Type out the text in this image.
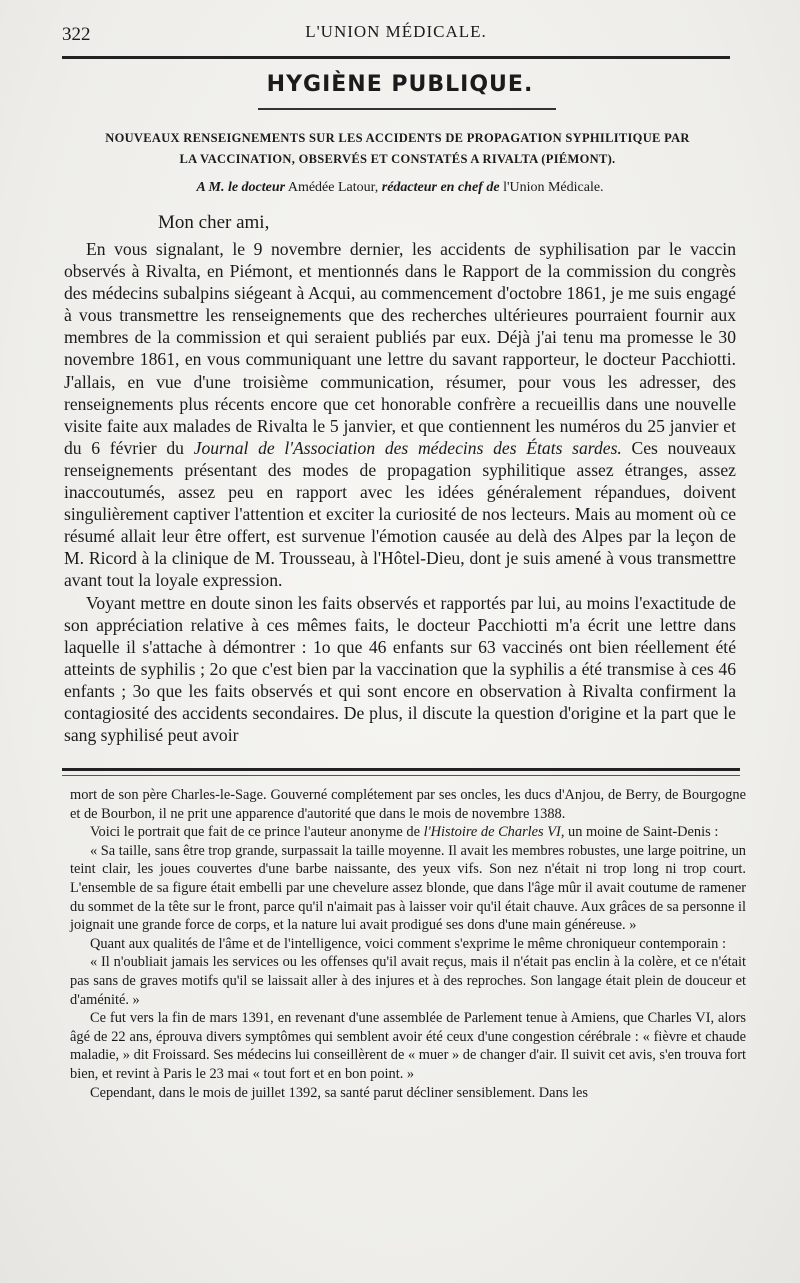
322	L'UNION MÉDICALE.
HYGIÈNE PUBLIQUE.
NOUVEAUX RENSEIGNEMENTS SUR LES ACCIDENTS DE PROPAGATION SYPHILITIQUE PAR
LA VACCINATION, OBSERVÉS ET CONSTATÉS A RIVALTA (PIÉMONT).
A M. le docteur Amédée Latour, rédacteur en chef de l'Union Médicale.
Mon cher ami,

En vous signalant, le 9 novembre dernier, les accidents de syphilisation par le vaccin observés à Rivalta, en Piémont, et mentionnés dans le Rapport de la commission du congrès des médecins subalpins siégeant à Acqui, au commencement d'octobre 1861, je me suis engagé à vous transmettre les renseignements que des recherches ultérieures pourraient fournir aux membres de la commission et qui seraient publiés par eux. Déjà j'ai tenu ma promesse le 30 novembre 1861, en vous communiquant une lettre du savant rapporteur, le docteur Pacchiotti. J'allais, en vue d'une troisième communication, résumer, pour vous les adresser, des renseignements plus récents encore que cet honorable confrère a recueillis dans une nouvelle visite faite aux malades de Rivalta le 5 janvier, et que contiennent les numéros du 25 janvier et du 6 février du Journal de l'Association des médecins des États sardes. Ces nouveaux renseignements présentant des modes de propagation syphilitique assez étranges, assez inaccoutumés, assez peu en rapport avec les idées généralement répandues, doivent singulièrement captiver l'attention et exciter la curiosité de nos lecteurs. Mais au moment où ce résumé allait leur être offert, est survenue l'émotion causée au delà des Alpes par la leçon de M. Ricord à la clinique de M. Trousseau, à l'Hôtel-Dieu, dont je suis amené à vous transmettre avant tout la loyale expression.

Voyant mettre en doute sinon les faits observés et rapportés par lui, au moins l'exactitude de son appréciation relative à ces mêmes faits, le docteur Pacchiotti m'a écrit une lettre dans laquelle il s'attache à démontrer : 1o que 46 enfants sur 63 vaccinés ont bien réellement été atteints de syphilis ; 2o que c'est bien par la vaccination que la syphilis a été transmise à ces 46 enfants ; 3o que les faits observés et qui sont encore en observation à Rivalta confirment la contagiosité des accidents secondaires. De plus, il discute la question d'origine et la part que le sang syphilisé peut avoir

mort de son père Charles-le-Sage. Gouverné complétement par ses oncles, les ducs d'Anjou, de Berry, de Bourgogne et de Bourbon, il ne prit une apparence d'autorité que dans le mois de novembre 1388.

Voici le portrait que fait de ce prince l'auteur anonyme de l'Histoire de Charles VI, un moine de Saint-Denis :

« Sa taille, sans être trop grande, surpassait la taille moyenne. Il avait les membres robustes, une large poitrine, un teint clair, les joues couvertes d'une barbe naissante, des yeux vifs. Son nez n'était ni trop long ni trop court. L'ensemble de sa figure était embelli par une chevelure assez blonde, que dans l'âge mûr il avait coutume de ramener du sommet de la tête sur le front, parce qu'il n'aimait pas à laisser voir qu'il était chauve. Aux grâces de sa personne il joignait une grande force de corps, et la nature lui avait prodigué ses dons d'une main généreuse. »

Quant aux qualités de l'âme et de l'intelligence, voici comment s'exprime le même chroniqueur contemporain :

« Il n'oubliait jamais les services ou les offenses qu'il avait reçus, mais il n'était pas enclin à la colère, et ce n'était pas sans de graves motifs qu'il se laissait aller à des injures et à des reproches. Son langage était plein de douceur et d'aménité. »

Ce fut vers la fin de mars 1391, en revenant d'une assemblée de Parlement tenue à Amiens, que Charles VI, alors âgé de 22 ans, éprouva divers symptômes qui semblent avoir été ceux d'une congestion cérébrale : « fièvre et chaude maladie, » dit Froissard. Ses médecins lui conseillèrent de « muer » de changer d'air. Il suivit cet avis, s'en trouva fort bien, et revint à Paris le 23 mai « tout fort et en bon point. »

Cependant, dans le mois de juillet 1392, sa santé parut décliner sensiblement. Dans les
